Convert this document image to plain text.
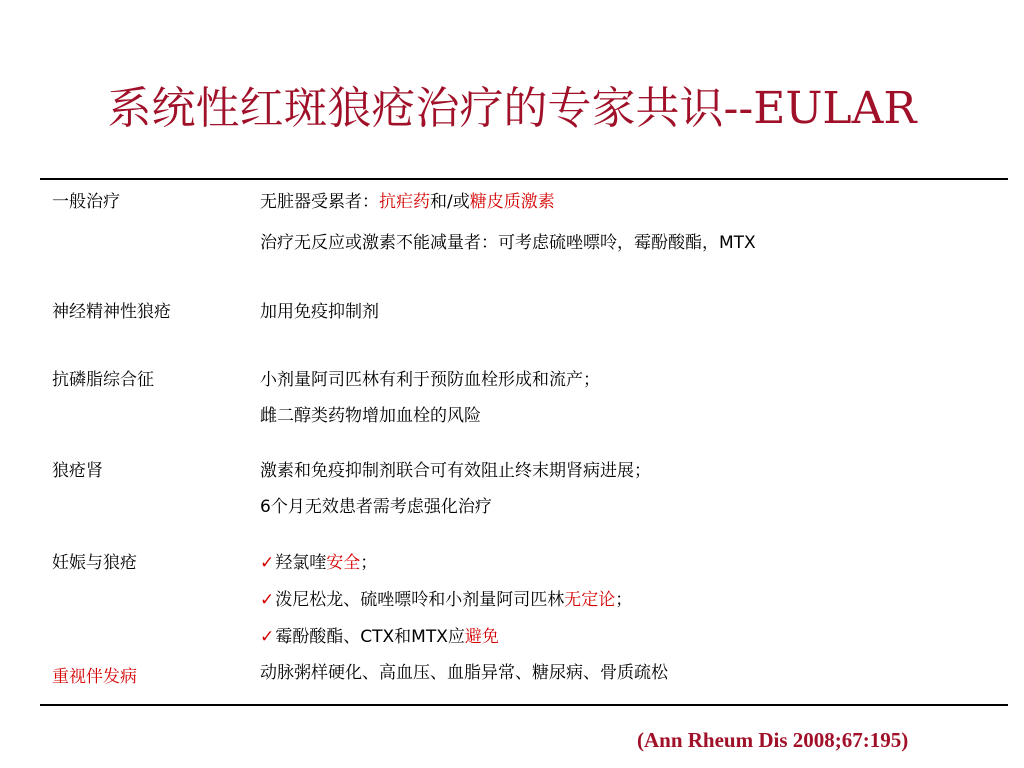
系统性红斑狼疮治疗的专家共识--EULAR
一般治疗	无脏器受累者：抗疟药和/或糖皮质激素
治疗无反应或激素不能减量者：可考虑硫唑嘌呤，霉酚酸酯，MTX
神经精神性狼疮	加用免疫抑制剂
抗磷脂综合征	小剂量阿司匹林有利于预防血栓形成和流产；
雌二醇类药物增加血栓的风险
狼疮肾	激素和免疫抑制剂联合可有效阻止终末期肾病进展；
6个月无效患者需考虑强化治疗
妊娠与狼疮	✓羟氯喹安全；
✓泼尼松龙、硫唑嘌呤和小剂量阿司匹林无定论；
✓霉酚酸酯、CTX和MTX应避免
重视伴发病	动脉粥样硬化、高血压、血脂异常、糖尿病、骨质疏松
(Ann Rheum Dis 2008;67:195)
